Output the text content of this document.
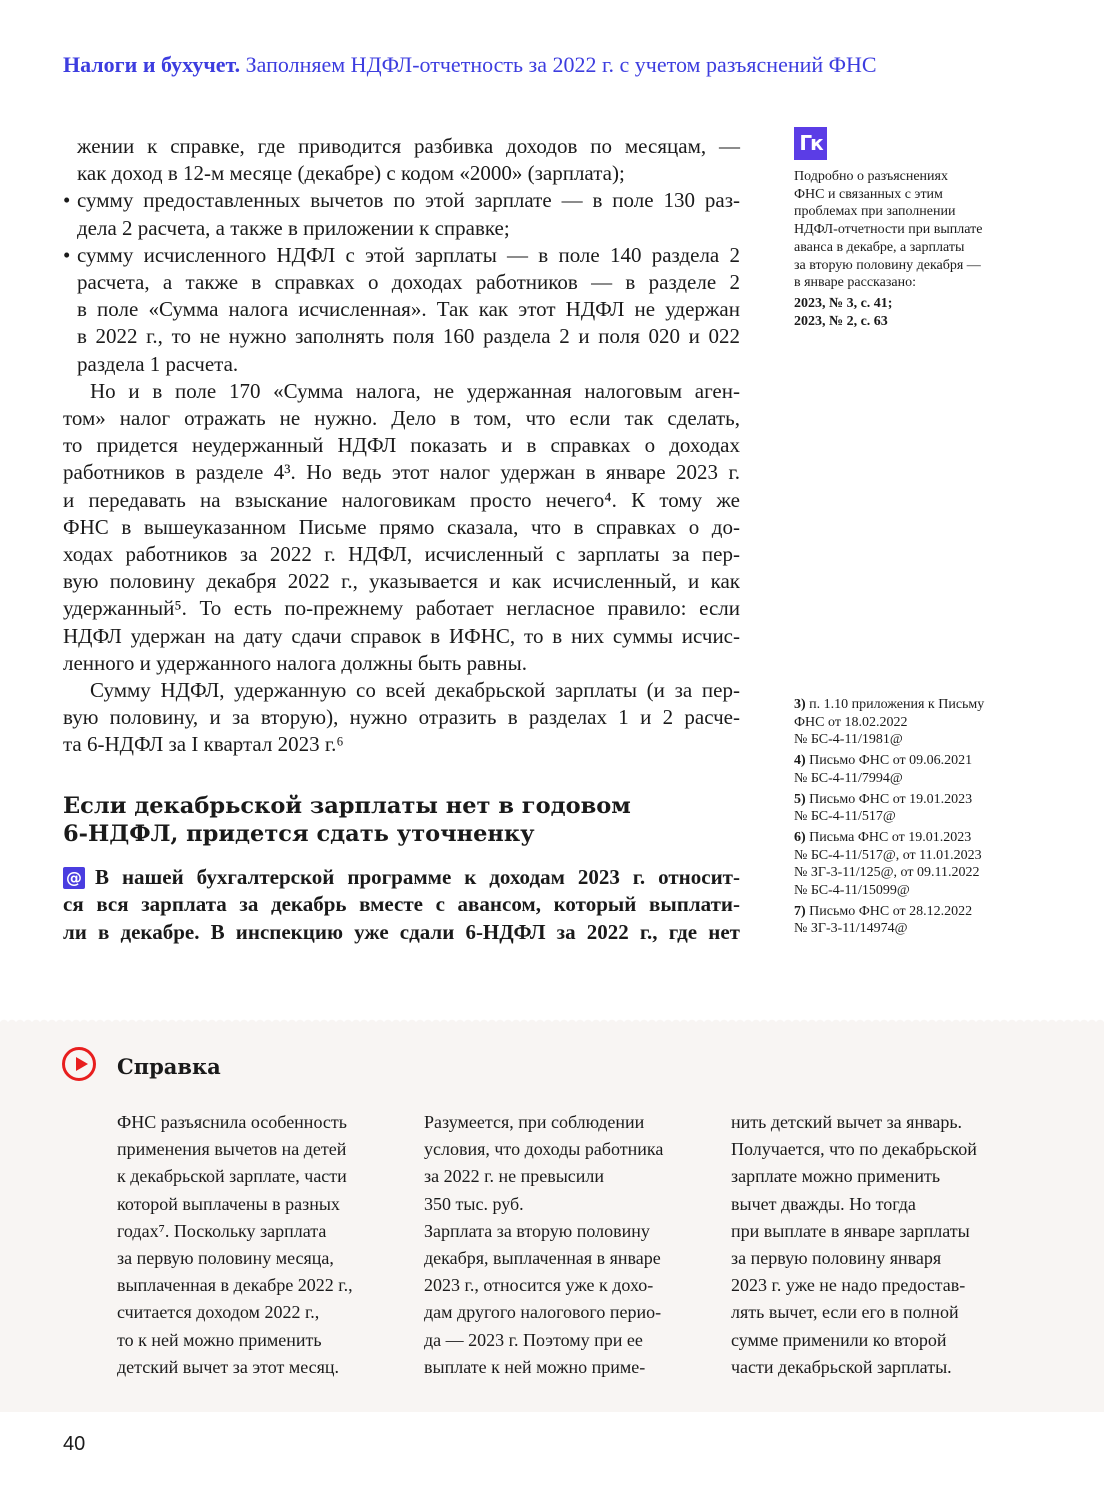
Налоги и бухучет. Заполняем НДФЛ-отчетность за 2022 г. с учетом разъяснений ФНС
жении к справке, где приводится разбивка доходов по месяцам, —
как доход в 12-м месяце (декабре) с кодом «2000» (зарплата);
• сумму предоставленных вычетов по этой зарплате — в поле 130 раз-
дела 2 расчета, а также в приложении к справке;
• сумму исчисленного НДФЛ с этой зарплаты — в поле 140 раздела 2
расчета, а также в справках о доходах работников — в разделе 2
в поле «Сумма налога исчисленная». Так как этот НДФЛ не удержан
в 2022 г., то не нужно заполнять поля 160 раздела 2 и поля 020 и 022
раздела 1 расчета.
Но и в поле 170 «Сумма налога, не удержанная налоговым аген-
том» налог отражать не нужно. Дело в том, что если так сделать,
то придется неудержанный НДФЛ показать и в справках о доходах
работников в разделе 4³. Но ведь этот налог удержан в январе 2023 г.
и передавать на взыскание налоговикам просто нечего⁴. К тому же
ФНС в вышеуказанном Письме прямо сказала, что в справках о до-
ходах работников за 2022 г. НДФЛ, исчисленный с зарплаты за пер-
вую половину декабря 2022 г., указывается и как исчисленный, и как
удержанный⁵. То есть по-прежнему работает негласное правило: если
НДФЛ удержан на дату сдачи справок в ИФНС, то в них суммы исчис-
ленного и удержанного налога должны быть равны.
Сумму НДФЛ, удержанную со всей декабрьской зарплаты (и за пер-
вую половину, и за вторую), нужно отразить в разделах 1 и 2 расче-
та 6-НДФЛ за I квартал 2023 г.⁶
Если декабрьской зарплаты нет в годовом
6-НДФЛ, придется сдать уточненку
@ В нашей бухгалтерской программе к доходам 2023 г. относит-
ся вся зарплата за декабрь вместе с авансом, который выплати-
ли в декабре. В инспекцию уже сдали 6-НДФЛ за 2022 г., где нет
Гк
Подробно о разъяснениях
ФНС и связанных с этим
проблемах при заполнении
НДФЛ-отчетности при выплате
аванса в декабре, а зарплаты
за вторую половину декабря —
в январе рассказано:
2023, № 3, с. 41;
2023, № 2, с. 63
3) п. 1.10 приложения к Письму
ФНС от 18.02.2022
№ БС-4-11/1981@
4) Письмо ФНС от 09.06.2021
№ БС-4-11/7994@
5) Письмо ФНС от 19.01.2023
№ БС-4-11/517@
6) Письма ФНС от 19.01.2023
№ БС-4-11/517@, от 11.01.2023
№ ЗГ-3-11/125@, от 09.11.2022
№ БС-4-11/15099@
7) Письмо ФНС от 28.12.2022
№ ЗГ-3-11/14974@
Справка
ФНС разъяснила особенность
применения вычетов на детей
к декабрьской зарплате, части
которой выплачены в разных
годах⁷. Поскольку зарплата
за первую половину месяца,
выплаченная в декабре 2022 г.,
считается доходом 2022 г.,
то к ней можно применить
детский вычет за этот месяц.
Разумеется, при соблюдении
условия, что доходы работника
за 2022 г. не превысили
350 тыс. руб.
Зарплата за вторую половину
декабря, выплаченная в январе
2023 г., относится уже к дохо-
дам другого налогового перио-
да — 2023 г. Поэтому при ее
выплате к ней можно приме-
нить детский вычет за январь.
Получается, что по декабрьской
зарплате можно применить
вычет дважды. Но тогда
при выплате в январе зарплаты
за первую половину января
2023 г. уже не надо предостав-
лять вычет, если его в полной
сумме применили ко второй
части декабрьской зарплаты.
40
